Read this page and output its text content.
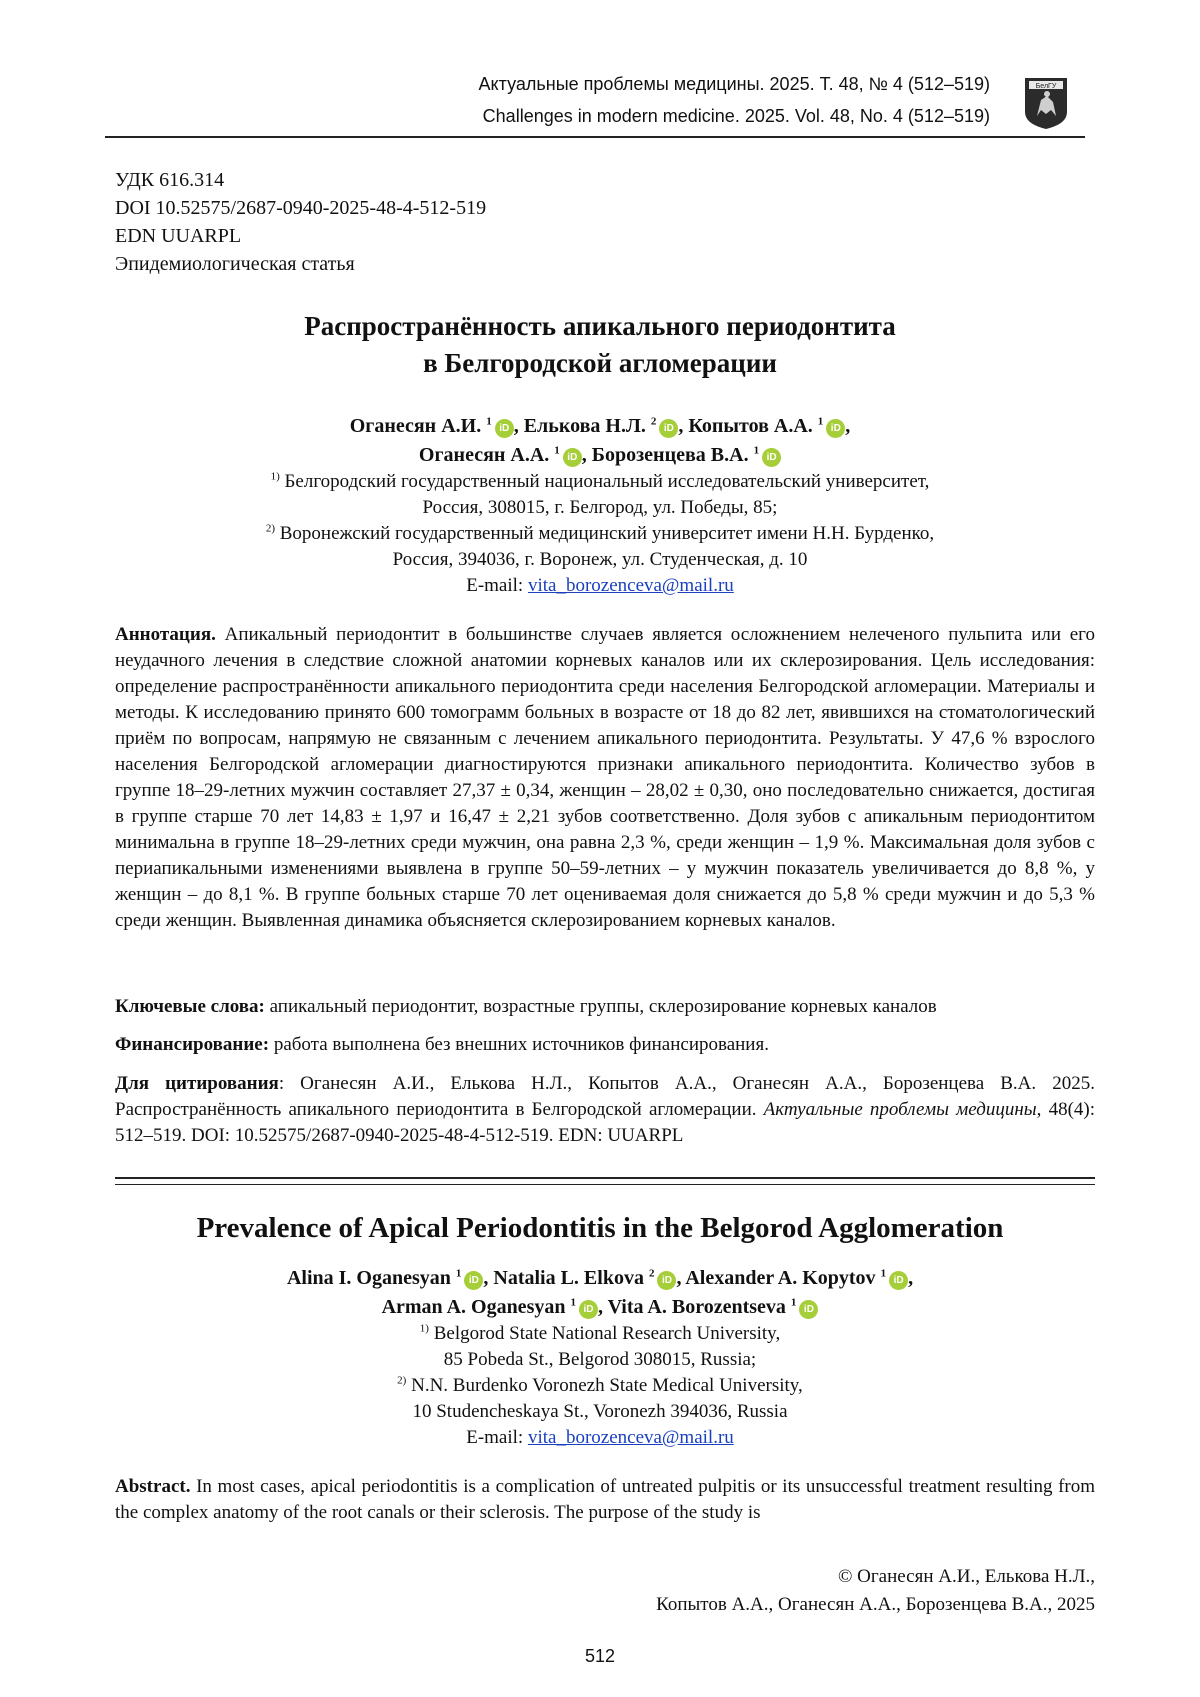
Актуальные проблемы медицины. 2025. Т. 48, № 4 (512–519)
Challenges in modern medicine. 2025. Vol. 48, No. 4 (512–519)
БелГУ
УДК 616.314
DOI 10.52575/2687-0940-2025-48-4-512-519
EDN UUARPL
Эпидемиологическая статья
Распространённость апикального периодонтита
в Белгородской агломерации
Оганесян А.И. $^1$iD , Елькова Н.Л. $^2$iD , Копытов А.А. $^1$iD ,
Оганесян А.А. $^1$iD , Борозенцева В.А. $^1$iD
$^{1)}$ Белгородский государственный национальный исследовательский университет,
Россия, 308015, г. Белгород, ул. Победы, 85;
$^{2)}$ Воронежский государственный медицинский университет имени Н.Н. Бурденко,
Россия, 394036, г. Воронеж, ул. Студенческая, д. 10
E-mail: vita_borozenceva@mail.ru
Аннотация. Апикальный периодонтит в большинстве случаев является осложнением нелеченого пульпита или его неудачного лечения в следствие сложной анатомии корневых каналов или их склерозирования. Цель исследования: определение распространённости апикального периодонтита среди населения Белгородской агломерации. Материалы и методы. К исследованию принято 600 томограмм больных в возрасте от 18 до 82 лет, явившихся на стоматологический приём по вопросам, напрямую не связанным с лечением апикального периодонтита. Результаты. У 47,6 % взрослого населения Белгородской агломерации диагностируются признаки апикального периодонтита. Количество зубов в группе 18–29-летних мужчин составляет 27,37 ± 0,34, женщин – 28,02 ± 0,30, оно последовательно снижается, достигая в группе старше 70 лет 14,83 ± 1,97 и 16,47 ± 2,21 зубов соответственно. Доля зубов с апикальным периодонтитом минимальна в группе 18–29-летних среди мужчин, она равна 2,3 %, среди женщин – 1,9 %. Максимальная доля зубов с периапикальными изменениями выявлена в группе 50–59-летних – у мужчин показатель увеличивается до 8,8 %, у женщин – до 8,1 %. В группе больных старше 70 лет оцениваемая доля снижается до 5,8 % среди мужчин и до 5,3 % среди женщин. Выявленная динамика объясняется склерозированием корневых каналов.
Ключевые слова: апикальный периодонтит, возрастные группы, склерозирование корневых каналов
Финансирование: работа выполнена без внешних источников финансирования.
Для цитирования: Оганесян А.И., Елькова Н.Л., Копытов А.А., Оганесян А.А., Борозенцева В.А. 2025. Распространённость апикального периодонтита в Белгородской агломерации. Актуальные проблемы медицины, 48(4): 512–519. DOI: 10.52575/2687-0940-2025-48-4-512-519. EDN: UUARPL
Prevalence of Apical Periodontitis in the Belgorod Agglomeration
Alina I. Oganesyan $^1$iD , Natalia L. Elkova $^2$iD , Alexander A. Kopytov $^1$iD ,
Arman A. Oganesyan $^1$iD , Vita A. Borozentseva $^1$iD
$^{1)}$ Belgorod State National Research University,
85 Pobeda St., Belgorod 308015, Russia;
$^{2)}$ N.N. Burdenko Voronezh State Medical University,
10 Studencheskaya St., Voronezh 394036, Russia
E-mail: vita_borozenceva@mail.ru
Abstract. In most cases, apical periodontitis is a complication of untreated pulpitis or its unsuccessful treatment resulting from the complex anatomy of the root canals or their sclerosis. The purpose of the study is
© Оганесян А.И., Елькова Н.Л.,
Копытов А.А., Оганесян А.А., Борозенцева В.А., 2025
512
